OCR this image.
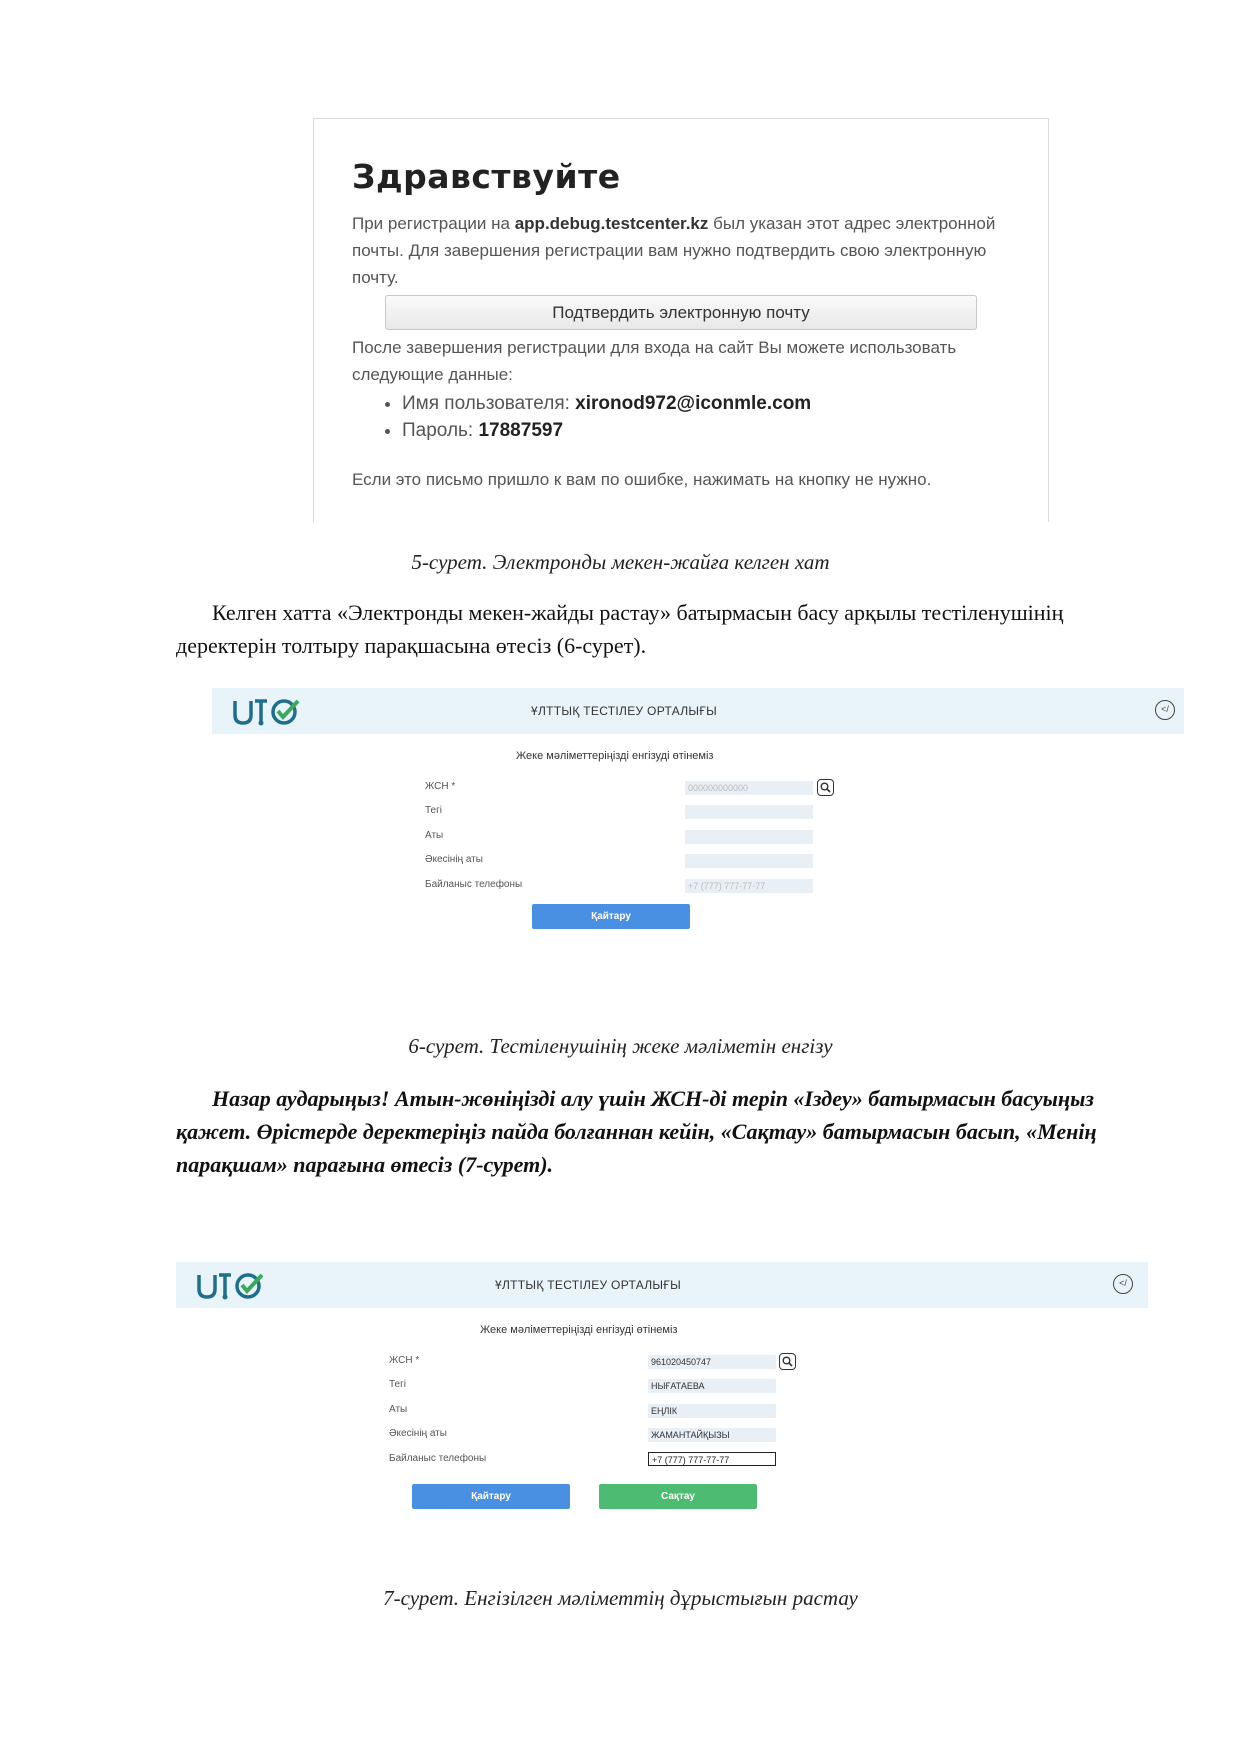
Здравствуйте

При регистрации на app.debug.testcenter.kz был указан этот адрес электронной почты. Для завершения регистрации вам нужно подтвердить свою электронную почту.

Подтвердить электронную почту

После завершения регистрации для входа на сайт Вы можете использовать следующие данные:

• Имя пользователя: xironod972@iconmle.com
• Пароль: 17887597

Если это письмо пришло к вам по ошибке, нажимать на кнопку не нужно.

5-сурет. Электронды мекен-жайға келген хат
Келген хатта «Электронды мекен-жайды растау» батырмасын басу арқылы тестіленушінің деректерін толтыру парақшасына өтесіз (6-сурет).
ҰЛТТЫҚ ТЕСТІЛЕУ ОРТАЛЫҒЫ	</
Жеке мәліметтеріңізді енгізуді өтінеміз
ЖСН *	000000000000
Тегі
Аты
Әкесінің аты
Байланыс телефоны	+7 (777) 777-77-77
Қайтару
6-сурет. Тестіленушінің жеке мәліметін енгізу
Назар аударыңыз! Атын-жөніңізді алу үшін ЖСН-ді теріп «Іздеу» батырмасын басуыңыз қажет. Өрістерде деректеріңіз пайда болғаннан кейін, «Сақтау» батырмасын басып, «Менің парақшам» парағына өтесіз (7-сурет).
ҰЛТТЫҚ ТЕСТІЛЕУ ОРТАЛЫҒЫ	</
Жеке мәліметтеріңізді енгізуді өтінеміз
ЖСН *	961020450747
Тегі	НЫҒАТАЕВА
Аты	ЕҢЛІК
Әкесінің аты	ЖАМАНТАЙҚЫЗЫ
Байланыс телефоны	+7 (777) 777-77-77
Қайтару	Сақтау
7-сурет. Енгізілген мәліметтің дұрыстығын растау
